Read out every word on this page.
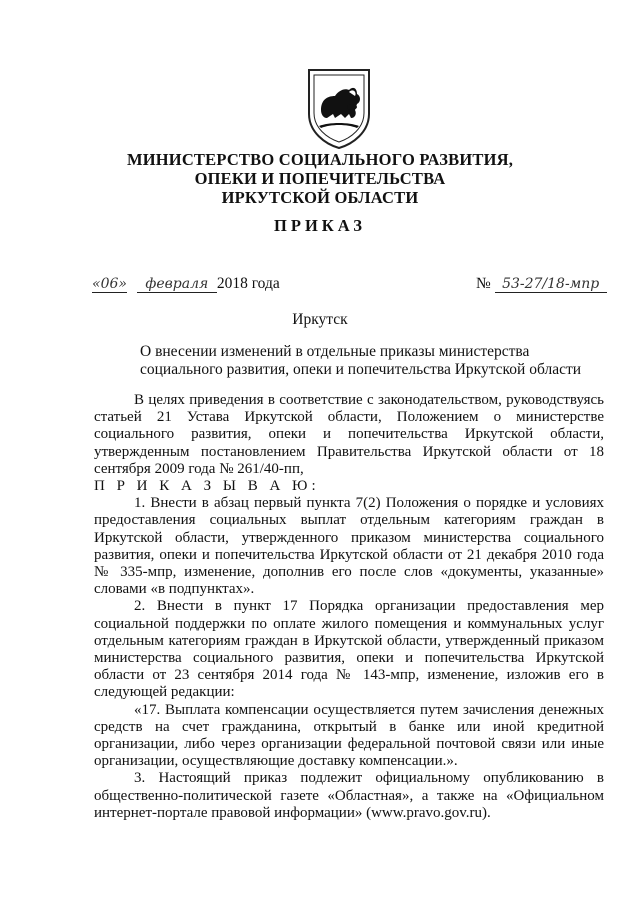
МИНИСТЕРСТВО СОЦИАЛЬНОГО РАЗВИТИЯ,
ОПЕКИ И ПОПЕЧИТЕЛЬСТВА
ИРКУТСКОЙ ОБЛАСТИ
ПРИКАЗ
«06» февраля 2018 года	№ 53-27/18-мпр
Иркутск
О внесении изменений в отдельные приказы министерства социального развития, опеки и попечительства Иркутской области

В целях приведения в соответствие с законодательством, руководствуясь статьей 21 Устава Иркутской области, Положением о министерстве социального развития, опеки и попечительства Иркутской области, утвержденным постановлением Правительства Иркутской области от 18 сентября 2009 года № 261/40-пп,

П Р И К А З Ы В А Ю:

1. Внести в абзац первый пункта 7(2) Положения о порядке и условиях предоставления социальных выплат отдельным категориям граждан в Иркутской области, утвержденного приказом министерства социального развития, опеки и попечительства Иркутской области от 21 декабря 2010 года № 335-мпр, изменение, дополнив его после слов «документы, указанные» словами «в подпунктах».

2. Внести в пункт 17 Порядка организации предоставления мер социальной поддержки по оплате жилого помещения и коммунальных услуг отдельным категориям граждан в Иркутской области, утвержденный приказом министерства социального развития, опеки и попечительства Иркутской области от 23 сентября 2014 года № 143-мпр, изменение, изложив его в следующей редакции:

«17. Выплата компенсации осуществляется путем зачисления денежных средств на счет гражданина, открытый в банке или иной кредитной организации, либо через организации федеральной почтовой связи или иные организации, осуществляющие доставку компенсации.».

3. Настоящий приказ подлежит официальному опубликованию в общественно-политической газете «Областная», а также на «Официальном интернет-портале правовой информации» (www.pravo.gov.ru).
